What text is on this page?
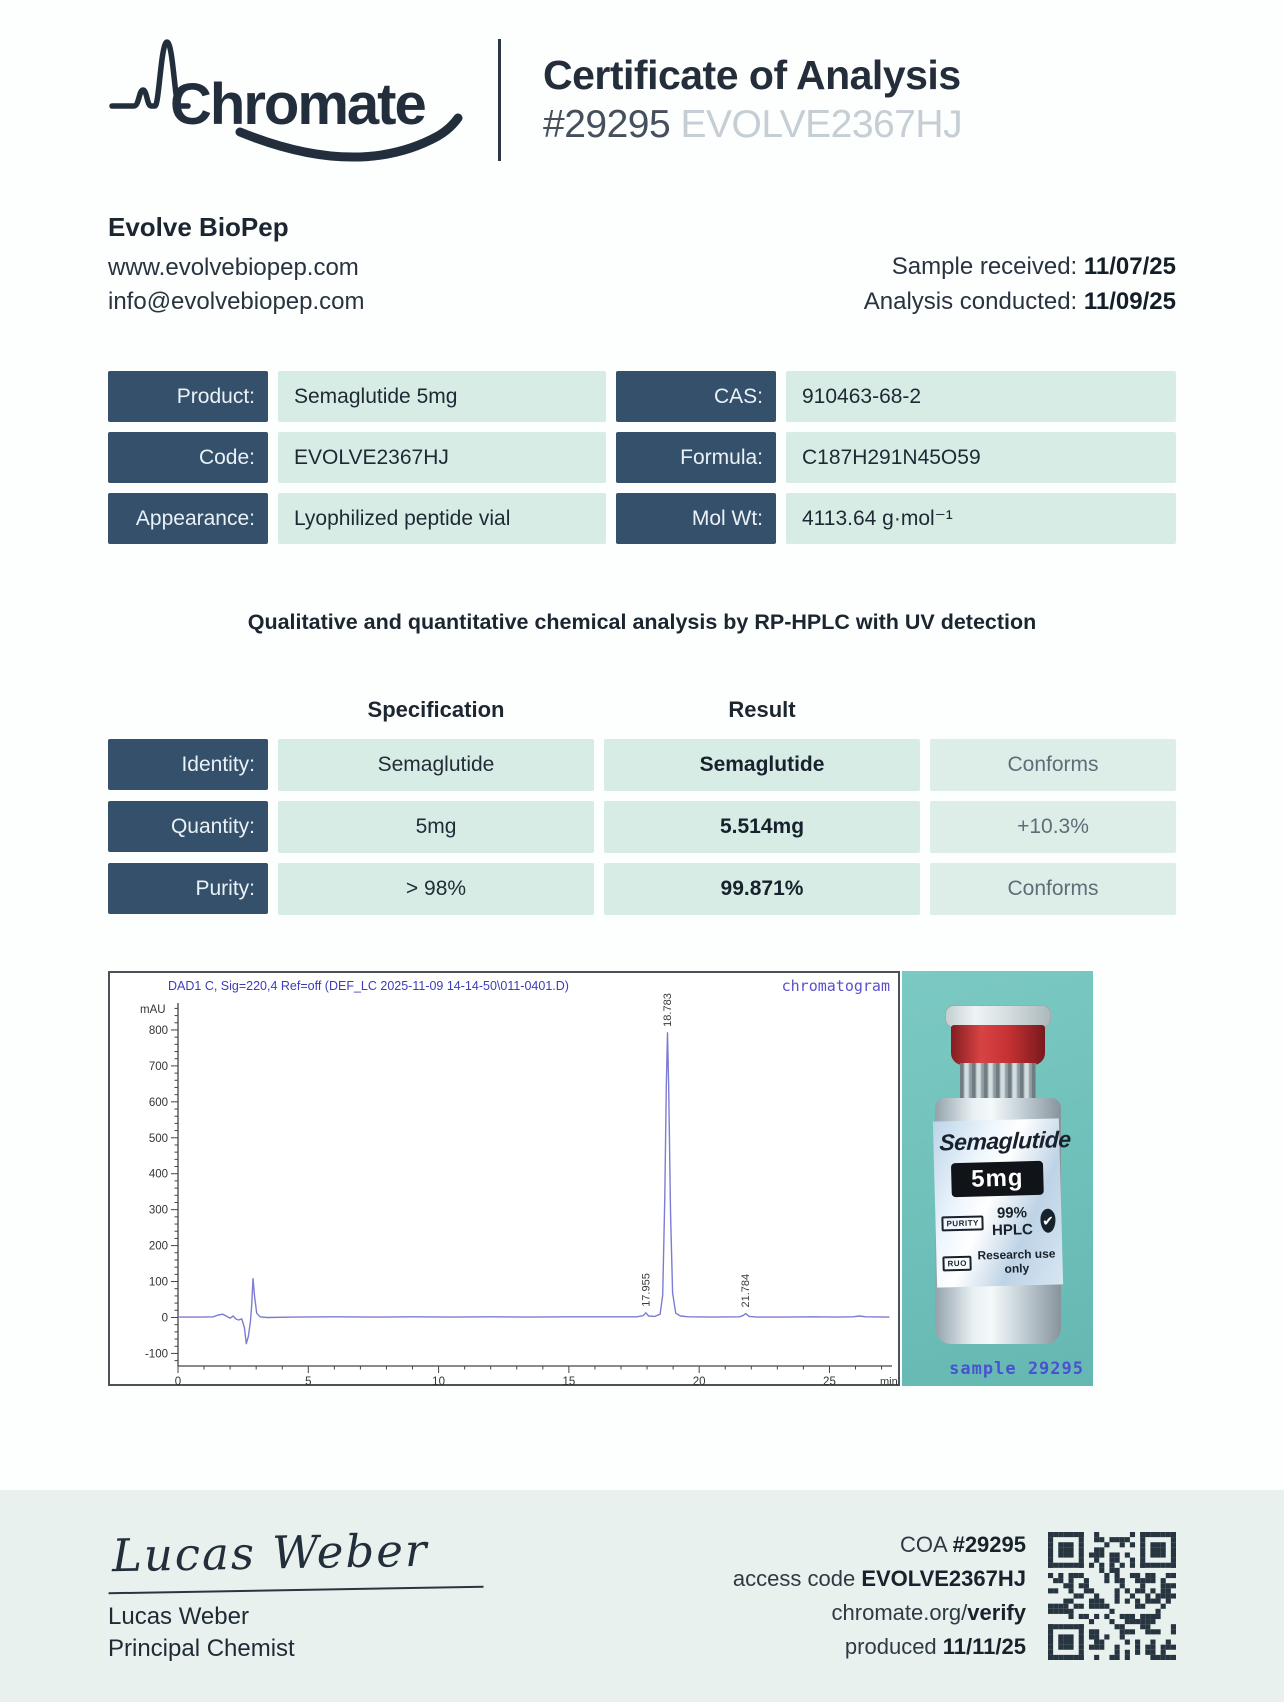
Chromate	Certificate of Analysis
#29295 EVOLVE2367HJ
Evolve BioPep
www.evolvebiopep.com
info@evolvebiopep.com
Sample received: 11/07/25
Analysis conducted: 11/09/25
Product:	Semaglutide 5mg	CAS:	910463-68-2
Code:	EVOLVE2367HJ	Formula:	C187H291N45O59
Appearance:	Lyophilized peptide vial	Mol Wt:	4113.64 g·mol⁻¹
Qualitative and quantitative chemical analysis by RP-HPLC with UV detection
Specification	Result
Identity:	Semaglutide	Semaglutide	Conforms
Quantity:	5mg	5.514mg	+10.3%
Purity:	> 98%	99.871%	Conforms
DAD1 C, Sig=220,4 Ref=off (DEF_LC 2025-11-09 14-14-50\011-0401.D)	chromatogram
mAU
-100
0
100
200
300
400
500
600
700
800
0	5	10	15	20	25	min
17.955
18.783
21.784
Semaglutide
5mg
PURITY
99% HPLC
✔
RUO
Research use only
sample 29295
Lucas Weber
Lucas Weber
Principal Chemist
COA #29295
access code EVOLVE2367HJ
chromate.org/verify
produced 11/11/25
